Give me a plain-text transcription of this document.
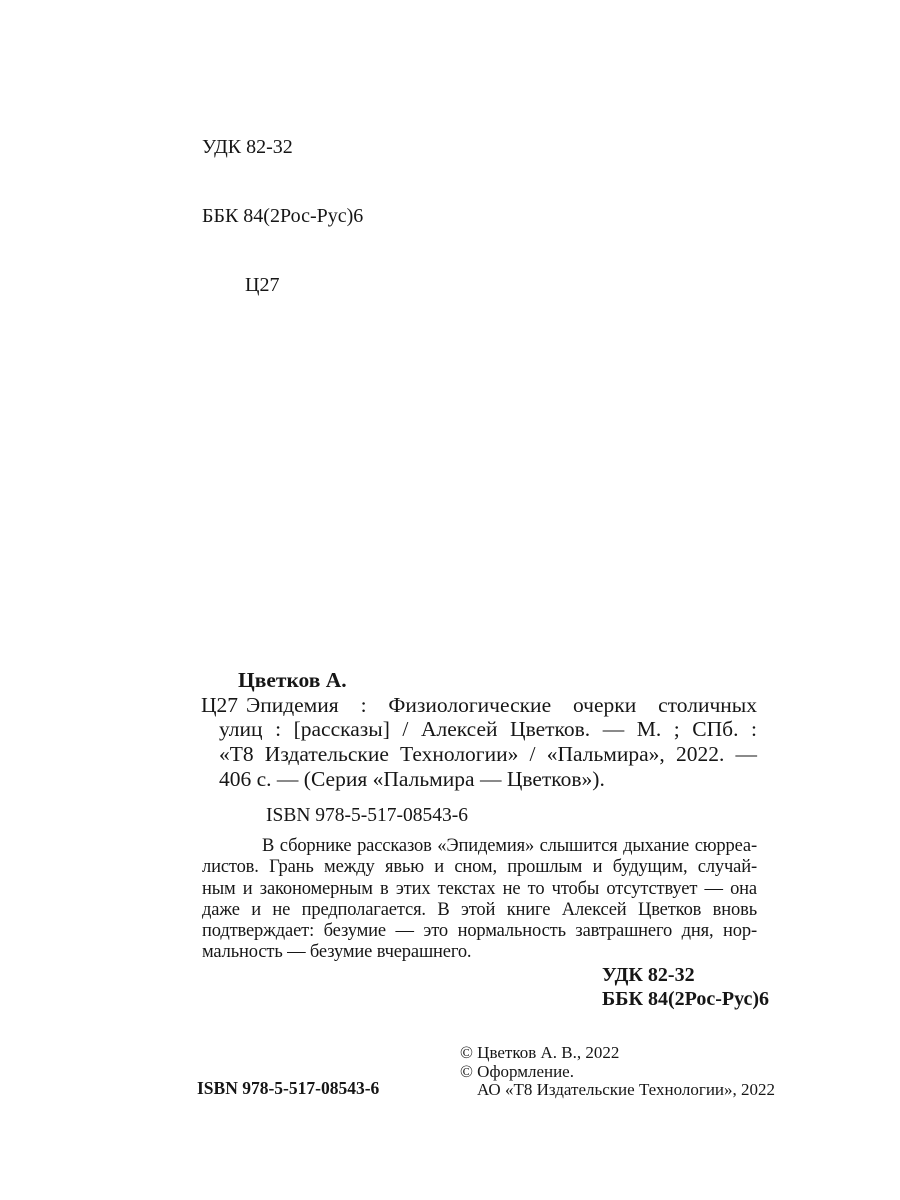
УДК 82-32

ББК 84(2Рос-Рус)6

Ц27

Цветков А.
Ц27 Эпидемия : Физиологические очерки столичных
улиц : [рассказы] / Алексей Цветков. — М. ; СПб. :
«Т8 Издательские Технологии» / «Пальмира», 2022. —
406 с. — (Серия «Пальмира — Цветков»).
ISBN 978-5-517-08543-6
В сборнике рассказов «Эпидемия» слышится дыхание сюрреа-
листов. Грань между явью и сном, прошлым и будущим, случай-
ным и закономерным в этих текстах не то чтобы отсутствует — она
даже и не предполагается. В этой книге Алексей Цветков вновь
подтверждает: безумие — это нормальность завтрашнего дня, нор-
мальность — безумие вчерашнего.
УДК 82-32
ББК 84(2Рос-Рус)6
ISBN 978-5-517-08543-6
© Цветков А. В., 2022
© Оформление.
АО «Т8 Издательские Технологии», 2022
